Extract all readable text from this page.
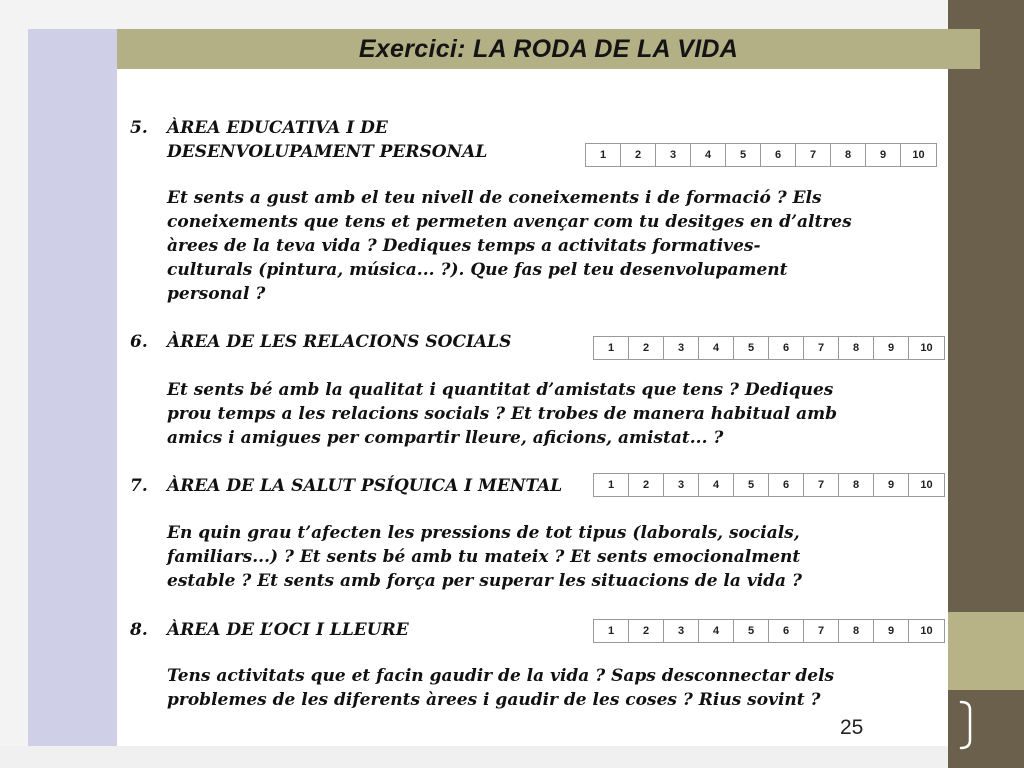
Exercici: LA RODA DE LA VIDA
5. ÀREA EDUCATIVA I DE
DESENVOLUPAMENT PERSONAL	1	2	3	4	5	6	7	8	9	10
Et sents a gust amb el teu nivell de coneixements i de formació ? Els
coneixements que tens et permeten avençar com tu desitges en d’altres
àrees de la teva vida ? Dediques temps a activitats formatives-
culturals (pintura, música... ?). Que fas pel teu desenvolupament
personal ?
6. ÀREA DE LES RELACIONS SOCIALS	1	2	3	4	5	6	7	8	9	10
Et sents bé amb la qualitat i quantitat d’amistats que tens ? Dediques
prou temps a les relacions socials ? Et trobes de manera habitual amb
amics i amigues per compartir lleure, aficions, amistat... ?
7. ÀREA DE LA SALUT PSÍQUICA I MENTAL	1	2	3	4	5	6	7	8	9	10
En quin grau t’afecten les pressions de tot tipus (laborals, socials,
familiars...) ? Et sents bé amb tu mateix ? Et sents emocionalment
estable ? Et sents amb força per superar les situacions de la vida ?
8. ÀREA DE L’OCI I LLEURE	1	2	3	4	5	6	7	8	9	10
Tens activitats que et facin gaudir de la vida ? Saps desconnectar dels
problemes de les diferents àrees i gaudir de les coses ? Rius sovint ?
25
